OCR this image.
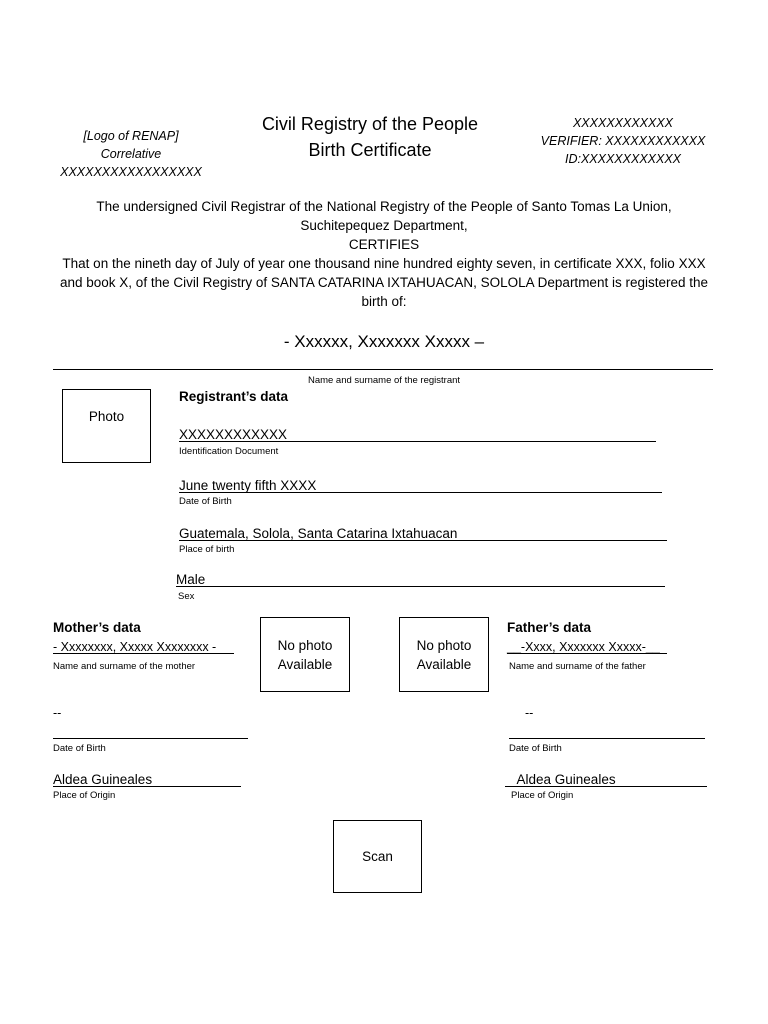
[Logo of RENAP]
Correlative
XXXXXXXXXXXXXXXXX
Civil Registry of the People
Birth Certificate
XXXXXXXXXXXX
VERIFIER: XXXXXXXXXXXX
ID:XXXXXXXXXXXX
The undersigned Civil Registrar of the National Registry of the People of Santo Tomas La Union,
Suchitepequez Department,
CERTIFIES
That on the nineth day of July of year one thousand nine hundred eighty seven, in certificate XXX, folio XXX
and book X, of the Civil Registry of SANTA CATARINA IXTAHUACAN, SOLOLA Department is registered the
birth of:
- Xxxxxx, Xxxxxxx Xxxxx –
Name and surname of the registrant
Photo
Registrant’s data
XXXXXXXXXXXX
Identification Document
June twenty fifth XXXX____
Date of Birth
Guatemala, Solola, Santa Catarina Ixtahuacan
Place of birth
Male
Sex
Mother’s data
- Xxxxxxxx, Xxxxx Xxxxxxxx -
Name and surname of the mother
No photo
Available
--
Date of Birth
Aldea Guineales___
Place of Origin
No photo
Available
Father’s data
__-Xxxx, Xxxxxxx Xxxxx-__
Name and surname of the father
--
Date of Birth
_Aldea Guineales_
Place of Origin
Scan
